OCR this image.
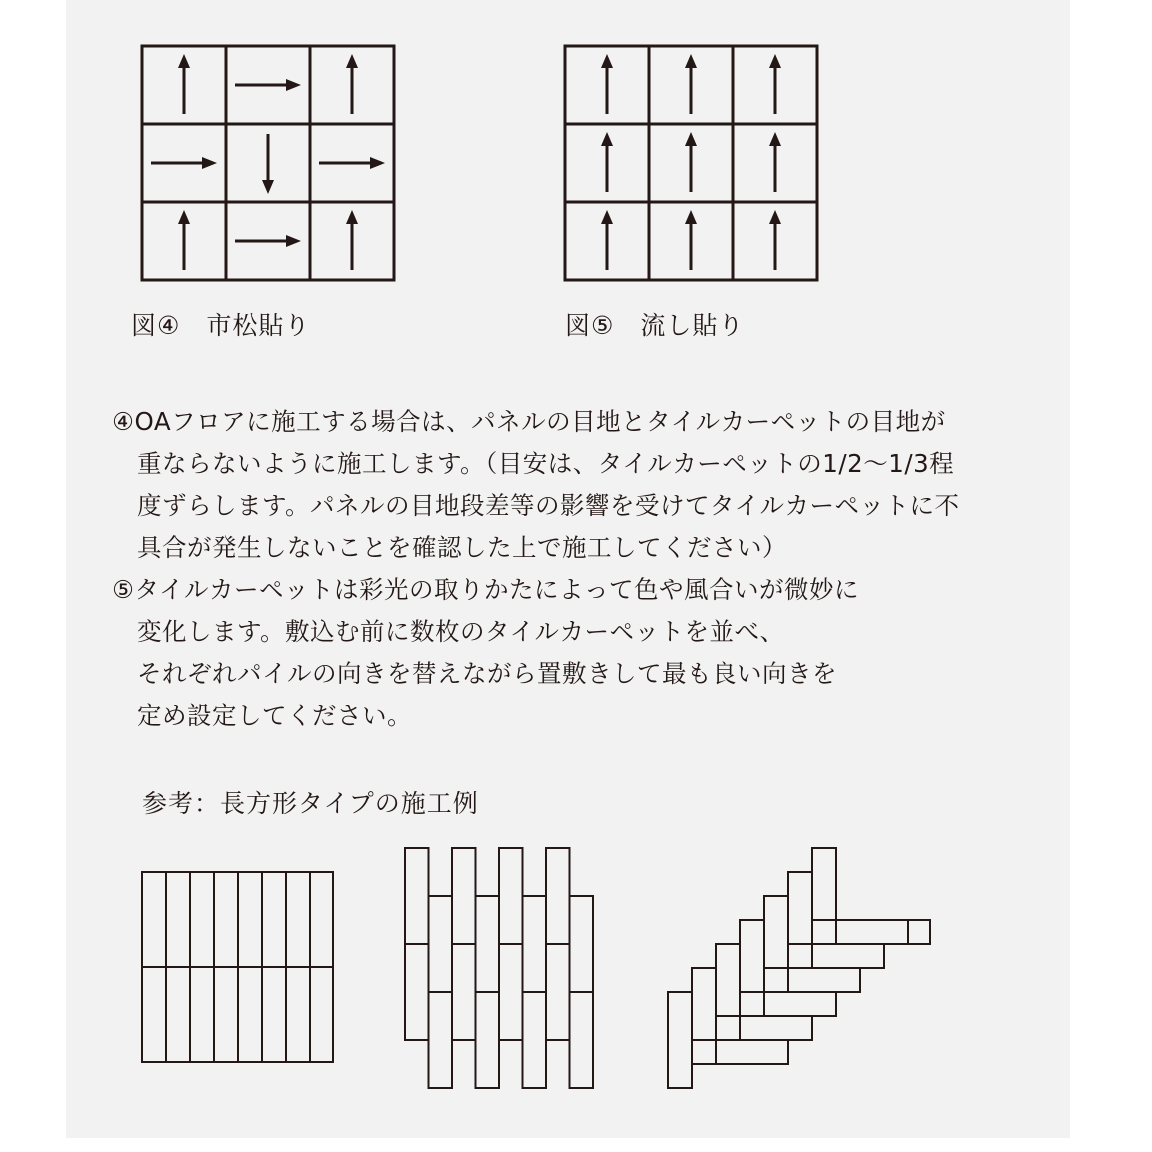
図④　市松貼り	図⑤　流し貼り
④OAフロアに施工する場合は、パネルの目地とタイルカーペットの目地が
　重ならないように施工します。（目安は、タイルカーペットの1/2〜1/3程
　度ずらします。パネルの目地段差等の影響を受けてタイルカーペットに不
　具合が発生しないことを確認した上で施工してください）
⑤タイルカーペットは彩光の取りかたによって色や風合いが微妙に
　変化します。敷込む前に数枚のタイルカーペットを並べ、
　それぞれパイルの向きを替えながら置敷きして最も良い向きを
　定め設定してください。
参考：長方形タイプの施工例
